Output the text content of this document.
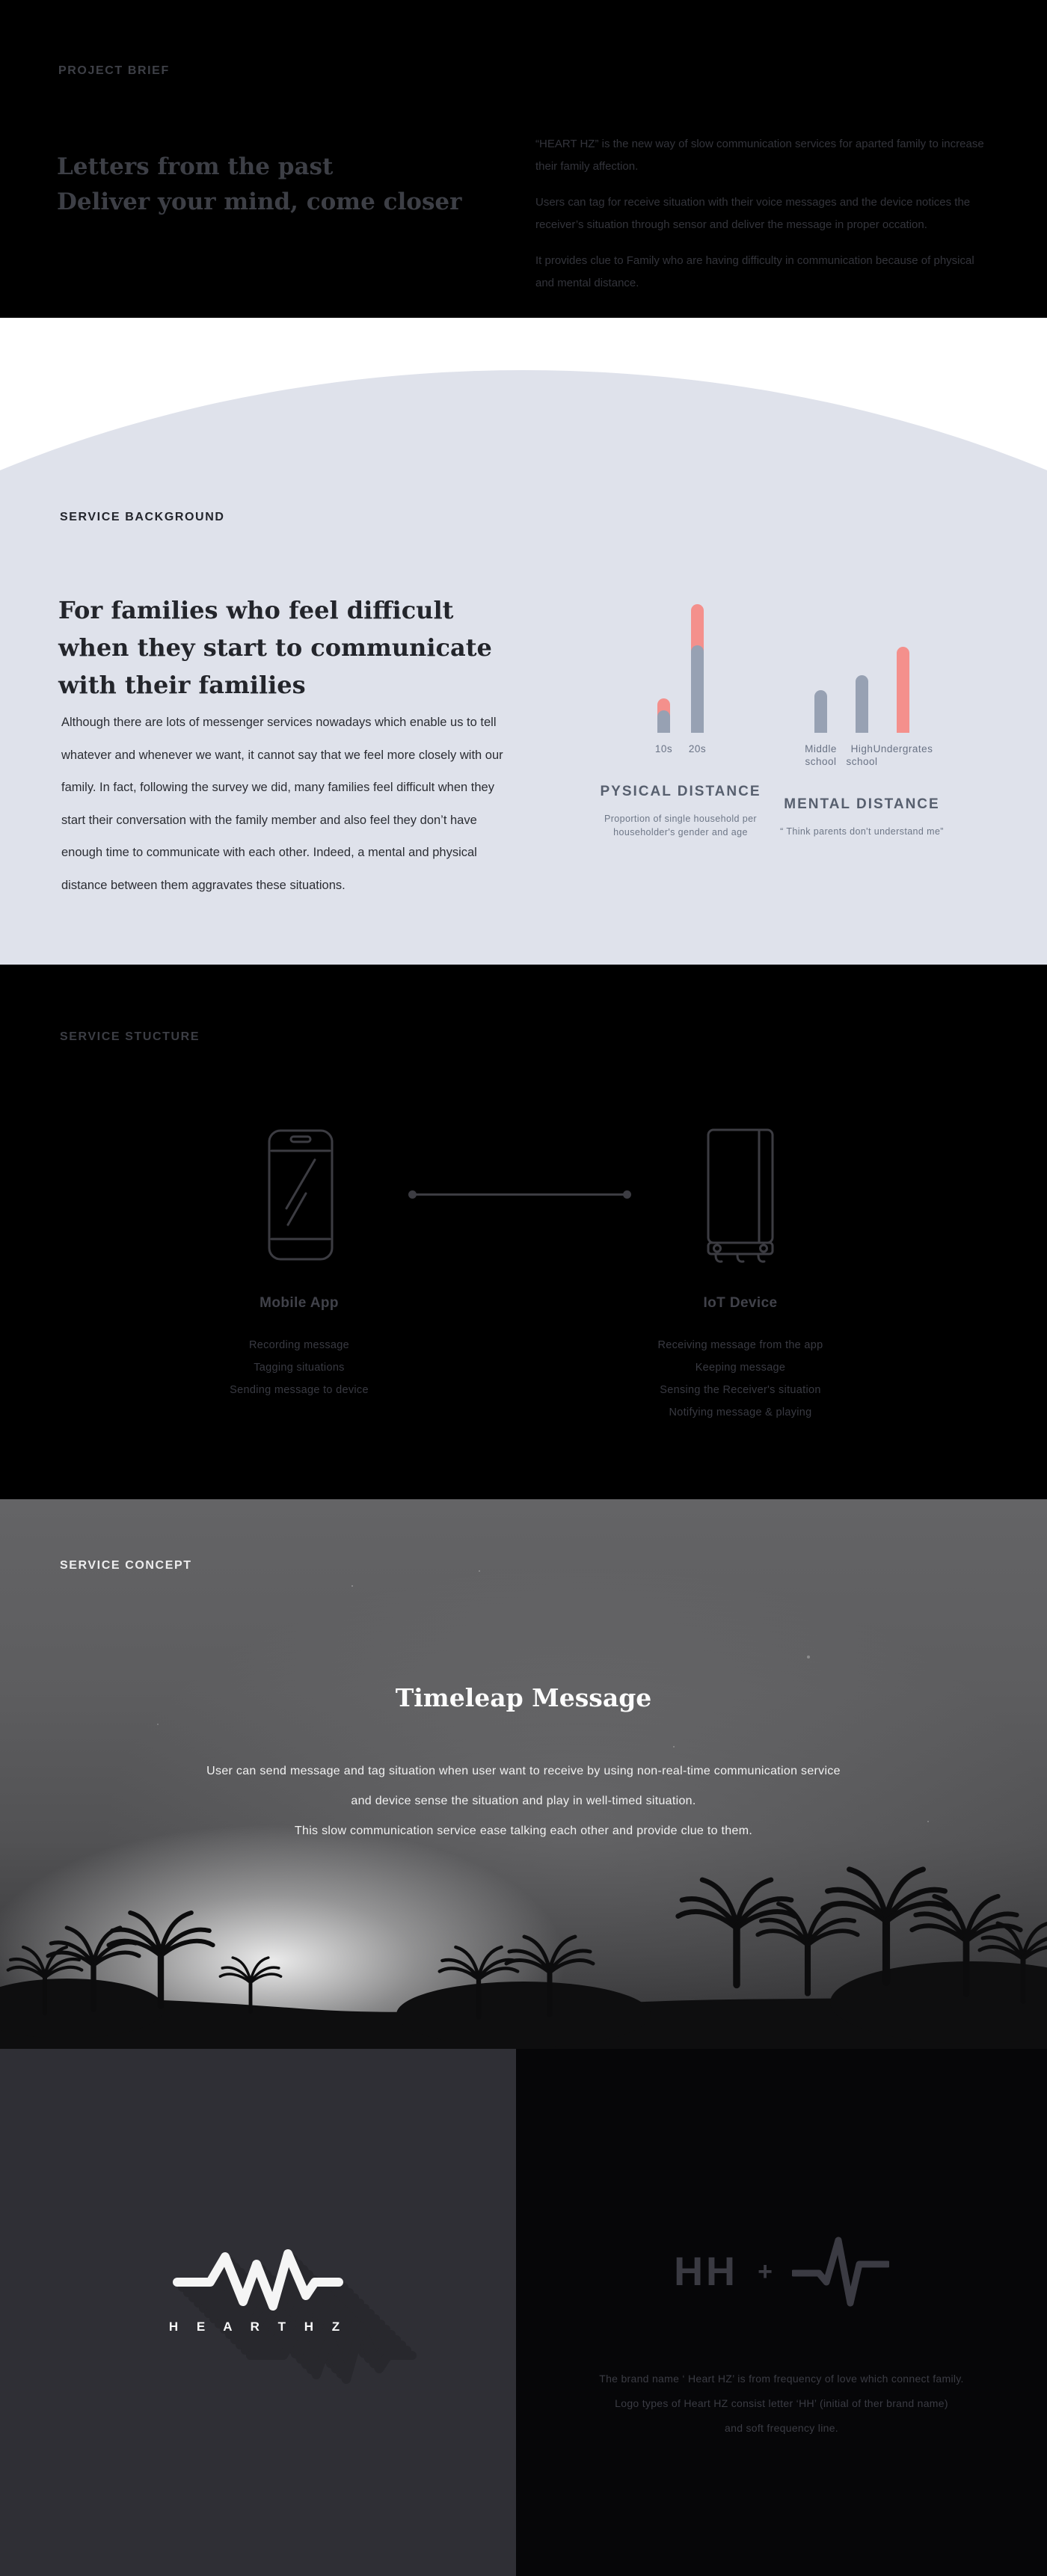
PROJECT BRIEF
Letters from the past
Deliver your mind, come closer

“HEART HZ” is the new way of slow communication services for aparted family to increase their family affection.

Users can tag for receive situation with their voice messages and the device notices the receiver’s situation through sensor and deliver the message in proper occation.

It provides clue to Family who are having difficulty in communication because of physical and mental distance.

SERVICE BACKGROUND
For families who feel difficult
when they start to communicate
with their families
Although there are lots of messenger services nowadays which enable us to tell whatever and whenever we want, it cannot say that we feel more closely with our family. In fact, following the survey we did, many families feel difficult when they start their conversation with the family member and also feel they don’t have enough time to communicate with each other. Indeed, a mental and physical distance between them aggravates these situations.
10s	20s
PYSICAL DISTANCE
Proportion of single household per householder's gender and age
Middle school
High school
Undergrates
MENTAL DISTANCE
“ Think parents don't understand me”
SERVICE STUCTURE
Mobile App	IoT Device
Recording message
Tagging situations
Sending message to device
Receiving message from the app
Keeping message
Sensing the Receiver's situation
Notifying message & playing
SERVICE CONCEPT
Timeleap Message
User can send message and tag situation when user want to receive by using non-real-time communication service
and device sense the situation and play in well-timed situation.
This slow communication service ease talking each other and provide clue to them.
H E A R T H Z
HH +
The brand name ‘ Heart HZ’ is from frequency of love which connect family.
Logo types of Heart HZ consist letter ‘HH’ (initial of ther brand name)
and soft frequency line.
